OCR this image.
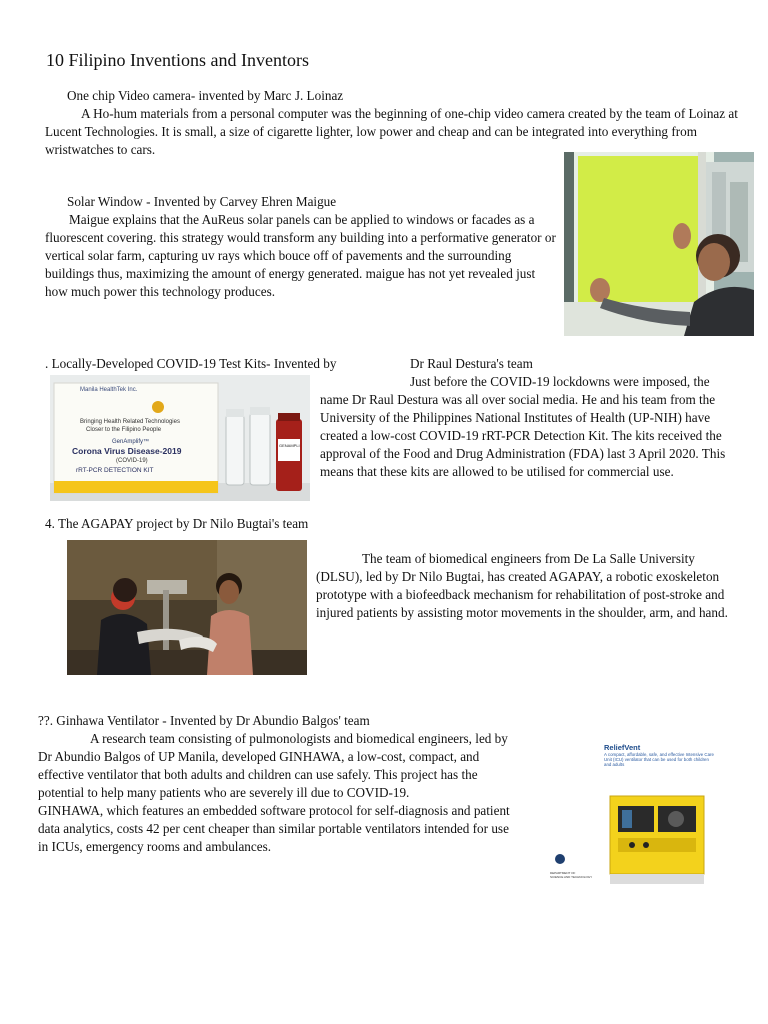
10 Filipino Inventions and Inventors
One chip Video camera- invented by Marc J. Loinaz

A Ho-hum materials from a personal computer was the beginning of one-chip video camera created by the team of Loinaz at Lucent Technologies. It is small, a size of cigarette lighter, low power and cheap and can be integrated into everything from wristwatches to cars.

Solar Window - Invented by Carvey Ehren Maigue

Maigue explains that the AuReus solar panels can be applied to windows or facades as a fluorescent covering. this strategy would transform any building into a performative generator or vertical solar farm, capturing uv rays which bouce off of pavements and the surrounding buildings thus, maximizing the amount of energy generated. maigue has not yet revealed just how much power this technology produces.

. Locally-Developed COVID-19 Test Kits- Invented by	Dr Raul Destura's team
Manila HealthTek Inc.
Bringing Health Related Technologies
Closer to the Filipino People
GenAmplify™
Corona Virus Disease-2019
(COVID-19)
rRT-PCR DETECTION KIT
GENAMPLI

Just before the COVID-19 lockdowns were imposed, the name Dr Raul Destura was all over social media. He and his team from the University of the Philippines National Institutes of Health (UP-NIH) have created a low-cost COVID-19 rRT-PCR Detection Kit. The kits received the approval of the Food and Drug Administration (FDA) last 3 April 2020. This means that these kits are allowed to be utilised for commercial use.

4. The AGAPAY project by Dr Nilo Bugtai's team

The team of biomedical engineers from De La Salle University (DLSU), led by Dr Nilo Bugtai, has created AGAPAY, a robotic exoskeleton prototype with a biofeedback mechanism for rehabilitation of post-stroke and injured patients by assisting motor movements in the shoulder, arm, and hand.

??. Ginhawa Ventilator - Invented by Dr Abundio Balgos' team

A research team consisting of pulmonologists and biomedical engineers, led by Dr Abundio Balgos of UP Manila, developed GINHAWA, a low-cost, compact, and effective ventilator that both adults and children can use safely. This project has the potential to help many patients who are severely ill due to COVID-19.
GINHAWA, which features an embedded software protocol for self-diagnosis and patient data analytics, costs 42 per cent cheaper than similar portable ventilators intended for use in ICUs, emergency rooms and ambulances.

ReliefVent
A compact, affordable, safe, and effective Intensive Care Unit (ICU) ventilator that can be used for both children and adults
DEPARTMENT OF
SCIENCE AND TECHNOLOGY
